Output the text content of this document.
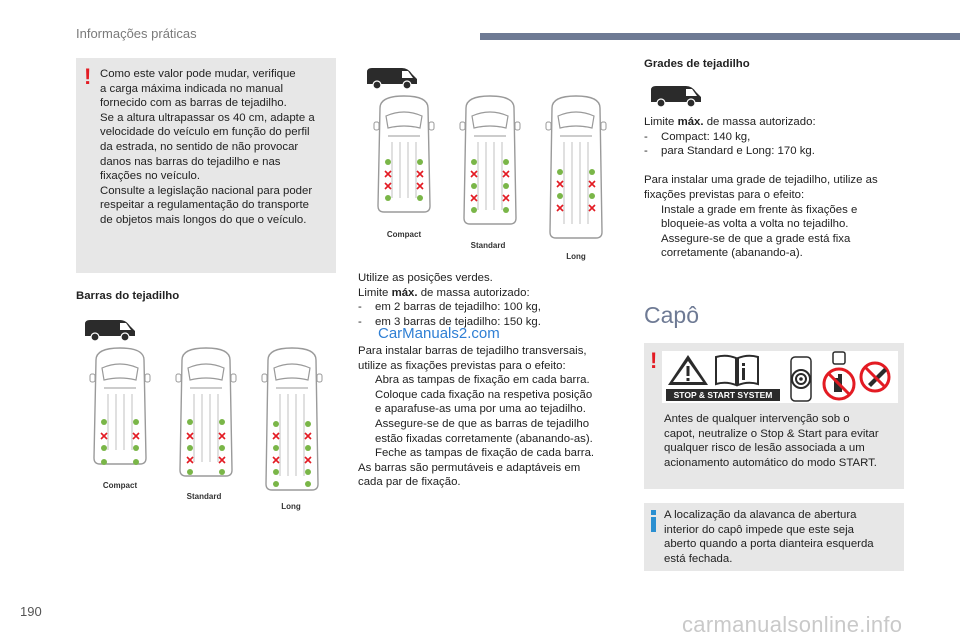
Informações práticas
! Como este valor pode mudar, verifique

a carga máxima indicada no manual

fornecido com as barras de tejadilho.

Se a altura ultrapassar os 40 cm, adapte a

velocidade do veículo em função do perfil

da estrada, no sentido de não provocar

danos nas barras do tejadilho e nas

fixações no veículo.

Consulte a legislação nacional para poder

respeitar a regulamentação do transporte

de objetos mais longos do que o veículo.

Barras do tejadilho
Compact
Standard
Long
Compact
Standard
Long

Utilize as posições verdes.

Limite máx. de massa autorizado:

- em 2 barras de tejadilho: 100 kg,
- em 3 barras de tejadilho: 150 kg.

Para instalar barras de tejadilho transversais,

utilize as fixações previstas para o efeito:

Abra as tampas de fixação em cada barra.
Coloque cada fixação na respetiva posição
e aparafuse-as uma por uma ao tejadilho.
Assegure-se de que as barras de tejadilho
estão fixadas corretamente (abanando-as).
Feche as tampas de fixação de cada barra.

As barras são permutáveis e adaptáveis em

cada par de fixação.

CarManuals2.com
Grades de tejadilho

Limite máx. de massa autorizado:

- Compact: 140 kg,
- para Standard e Long: 170 kg.

Para instalar uma grade de tejadilho, utilize as

fixações previstas para o efeito:

Instale a grade em frente às fixações e
bloqueie-as volta a volta no tejadilho.
Assegure-se de que a grade está fixa
corretamente (abanando-a).
Capô
!
STOP & START SYSTEM

Antes de qualquer intervenção sob o

capot, neutralize o Stop & Start para evitar

qualquer risco de lesão associada a um

acionamento automático do modo START.

A localização da alavanca de abertura

interior do capô impede que este seja

aberto quando a porta dianteira esquerda

está fechada.

190
carmanualsonline.info
